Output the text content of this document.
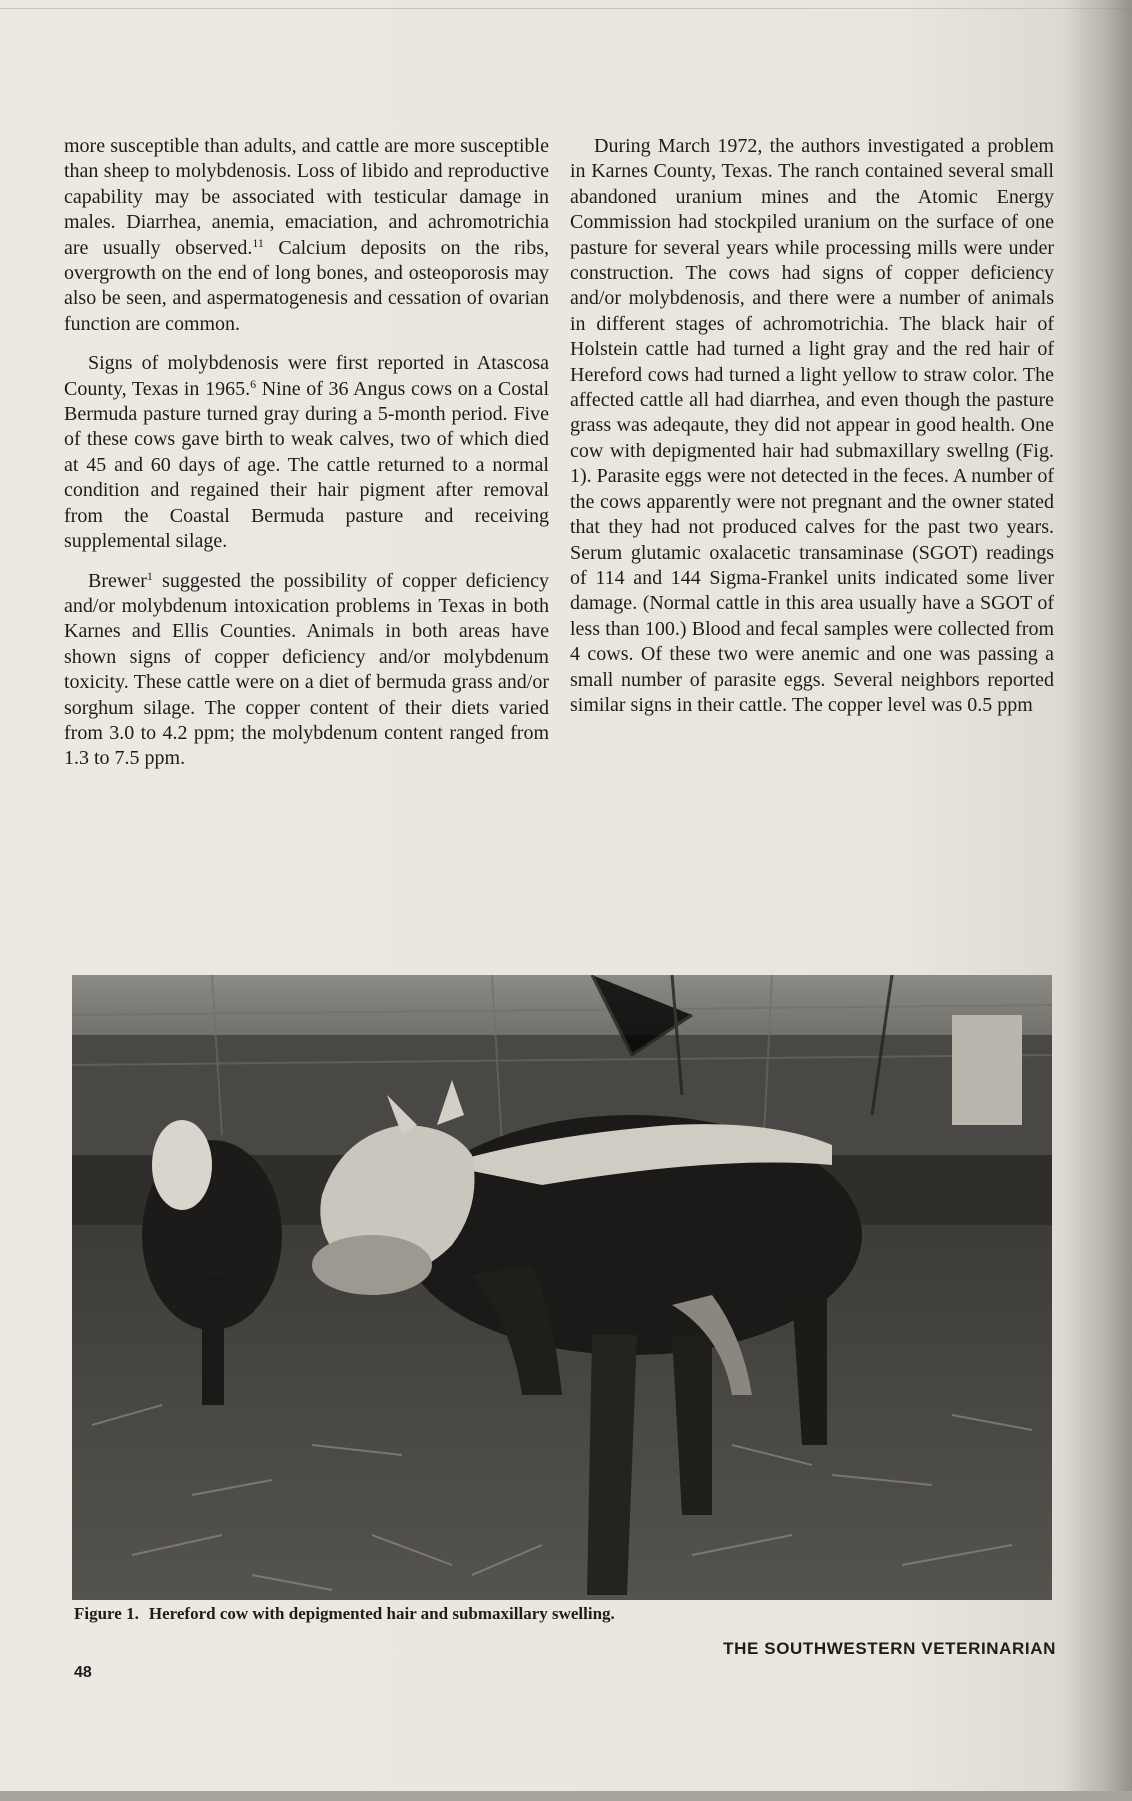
more susceptible than adults, and cattle are more susceptible than sheep to molybdenosis. Loss of libido and reproductive capability may be associated with testicular damage in males. Diarrhea, anemia, emaciation, and achromotrichia are usually observed.$^{11}$ Calcium deposits on the ribs, overgrowth on the end of long bones, and osteoporosis may also be seen, and aspermatogenesis and cessation of ovarian function are common.

Signs of molybdenosis were first reported in Atascosa County, Texas in 1965.$^6$ Nine of 36 Angus cows on a Costal Bermuda pasture turned gray during a 5-month period. Five of these cows gave birth to weak calves, two of which died at 45 and 60 days of age. The cattle returned to a normal condition and regained their hair pigment after removal from the Coastal Bermuda pasture and receiving supplemental silage.

Brewer$^1$ suggested the possibility of copper deficiency and/or molybdenum intoxication problems in Texas in both Karnes and Ellis Counties. Animals in both areas have shown signs of copper deficiency and/or molybdenum toxicity. These cattle were on a diet of bermuda grass and/or sorghum silage. The copper content of their diets varied from 3.0 to 4.2 ppm; the molybdenum content ranged from 1.3 to 7.5 ppm.

During March 1972, the authors investigated a problem in Karnes County, Texas. The ranch contained several small abandoned uranium mines and the Atomic Energy Commission had stockpiled uranium on the surface of one pasture for several years while processing mills were under construction. The cows had signs of copper deficiency and/or molybdenosis, and there were a number of animals in different stages of achromotrichia. The black hair of Holstein cattle had turned a light gray and the red hair of Hereford cows had turned a light yellow to straw color. The affected cattle all had diarrhea, and even though the pasture grass was adeqaute, they did not appear in good health. One cow with depigmented hair had submaxillary swellng (Fig. 1). Parasite eggs were not detected in the feces. A number of the cows apparently were not pregnant and the owner stated that they had not produced calves for the past two years. Serum glutamic oxalacetic transaminase (SGOT) readings of 114 and 144 Sigma-Frankel units indicated some liver damage. (Normal cattle in this area usually have a SGOT of less than 100.) Blood and fecal samples were collected from 4 cows. Of these two were anemic and one was passing a small number of parasite eggs. Several neighbors reported similar signs in their cattle. The copper level was 0.5 ppm

Figure 1. Hereford cow with depigmented hair and submaxillary swelling.
THE SOUTHWESTERN VETERINARIAN
48
